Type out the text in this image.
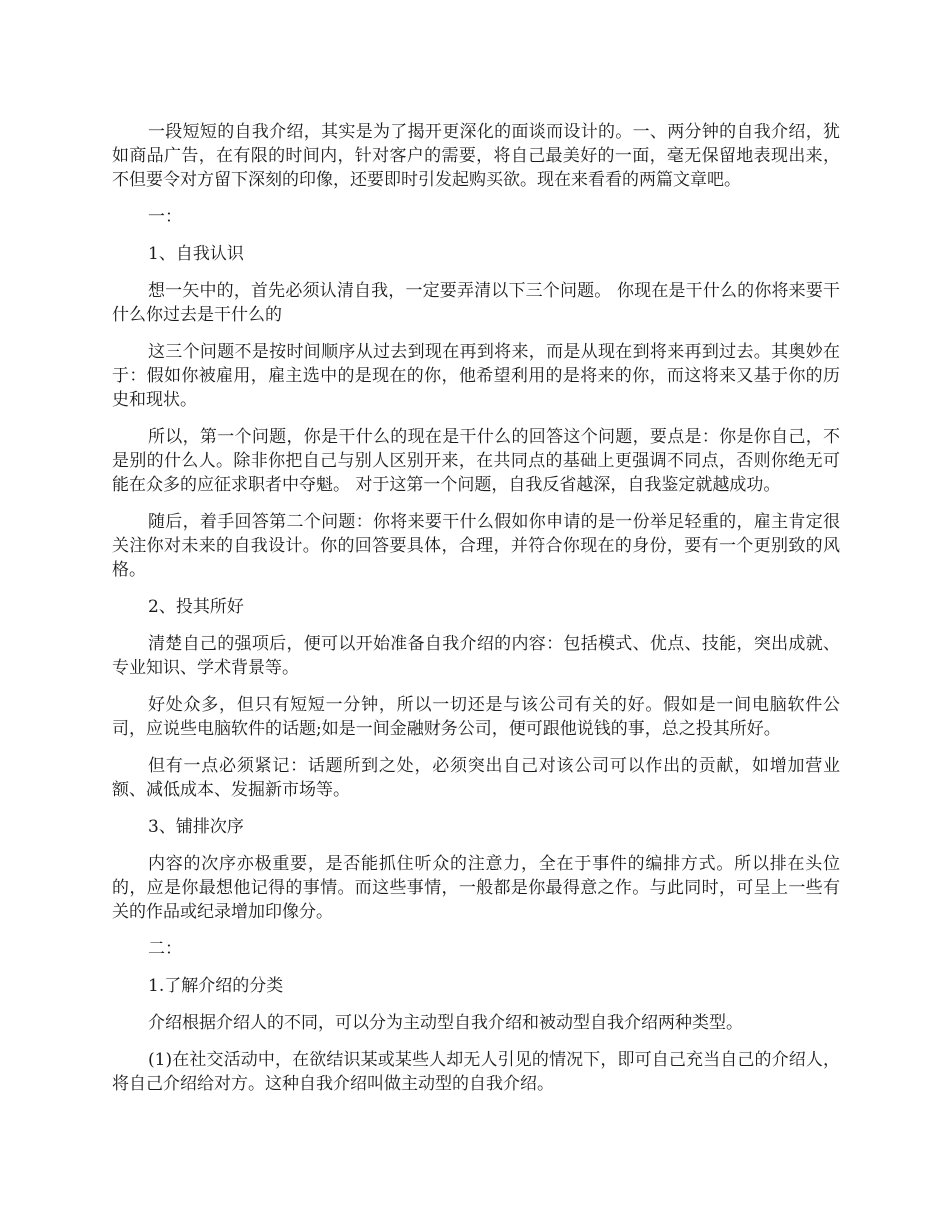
一段短短的自我介绍，其实是为了揭开更深化的面谈而设计的。一、两分钟的自我介绍，犹如商品广告，在有限的时间内，针对客户的需要，将自己最美好的一面，毫无保留地表现出来，不但要令对方留下深刻的印像，还要即时引发起购买欲。现在来看看的两篇文章吧。

一：

1、自我认识

想一矢中的，首先必须认清自我，一定要弄清以下三个问题。 你现在是干什么的你将来要干什么你过去是干什么的

这三个问题不是按时间顺序从过去到现在再到将来，而是从现在到将来再到过去。其奥妙在于：假如你被雇用，雇主选中的是现在的你，他希望利用的是将来的你，而这将来又基于你的历史和现状。

所以，第一个问题，你是干什么的现在是干什么的回答这个问题，要点是：你是你自己，不是别的什么人。除非你把自己与别人区别开来，在共同点的基础上更强调不同点，否则你绝无可能在众多的应征求职者中夺魁。 对于这第一个问题，自我反省越深，自我鉴定就越成功。

随后，着手回答第二个问题：你将来要干什么假如你申请的是一份举足轻重的，雇主肯定很关注你对未来的自我设计。你的回答要具体，合理，并符合你现在的身份，要有一个更别致的风格。

2、投其所好

清楚自己的强项后，便可以开始准备自我介绍的内容：包括模式、优点、技能，突出成就、专业知识、学术背景等。

好处众多，但只有短短一分钟，所以一切还是与该公司有关的好。假如是一间电脑软件公司，应说些电脑软件的话题;如是一间金融财务公司，便可跟他说钱的事，总之投其所好。

但有一点必须紧记：话题所到之处，必须突出自己对该公司可以作出的贡献，如增加营业额、减低成本、发掘新市场等。

3、铺排次序

内容的次序亦极重要，是否能抓住听众的注意力，全在于事件的编排方式。所以排在头位的，应是你最想他记得的事情。而这些事情，一般都是你最得意之作。与此同时，可呈上一些有关的作品或纪录增加印像分。

二：

1.了解介绍的分类

介绍根据介绍人的不同，可以分为主动型自我介绍和被动型自我介绍两种类型。

(1)在社交活动中，在欲结识某或某些人却无人引见的情况下，即可自己充当自己的介绍人，将自己介绍给对方。这种自我介绍叫做主动型的自我介绍。
